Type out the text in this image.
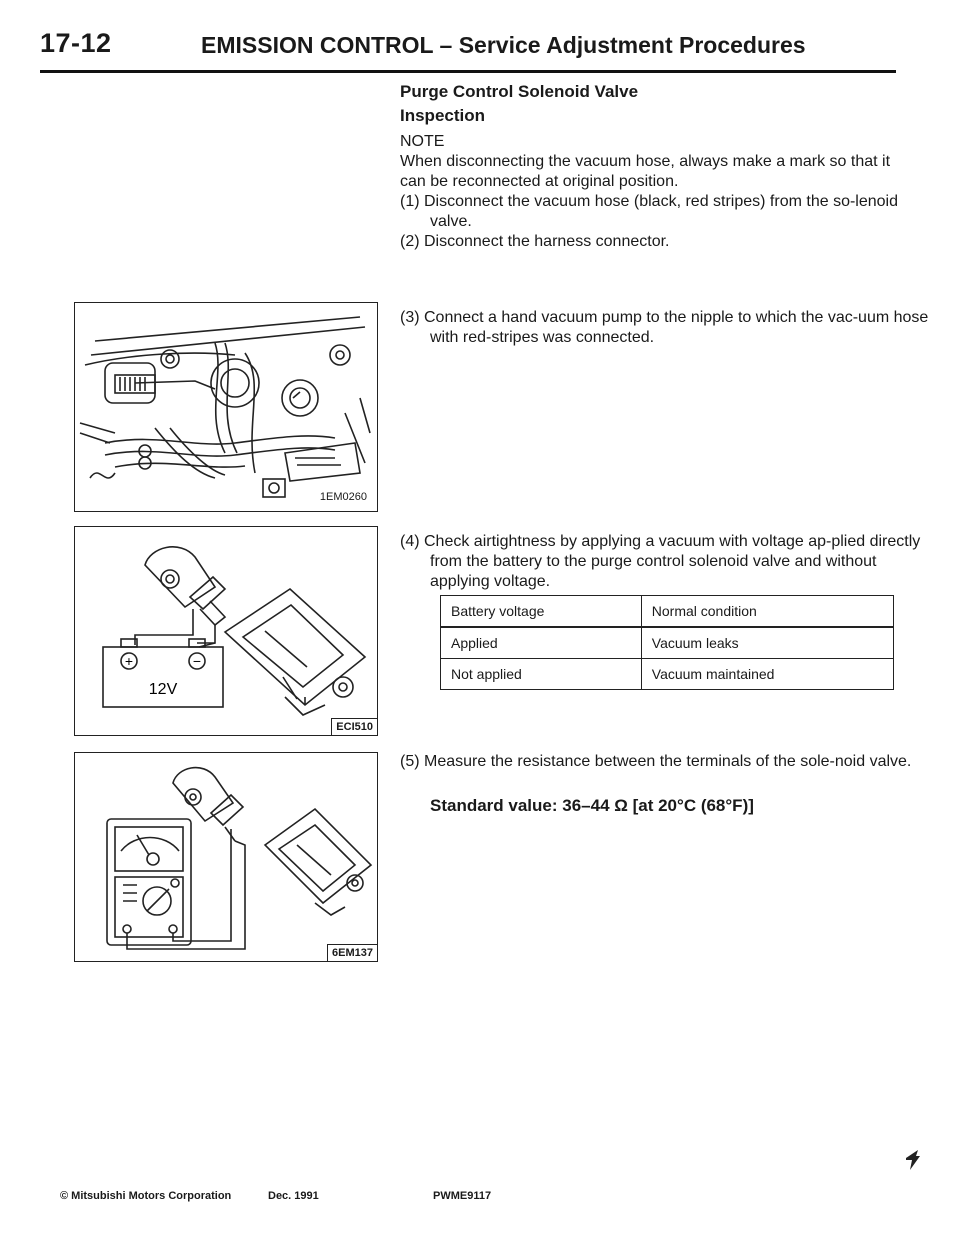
17-12	EMISSION CONTROL – Service Adjustment Procedures
Purge Control Solenoid Valve
Inspection
NOTE
When disconnecting the vacuum hose, always make a mark so that it can be reconnected at original position.
(1) Disconnect the vacuum hose (black, red stripes) from the so-lenoid valve.
(2) Disconnect the harness connector.
(3) Connect a hand vacuum pump to the nipple to which the vac-uum hose with red-stripes was connected.
(4) Check airtightness by applying a vacuum with voltage ap-plied directly from the battery to the purge control solenoid valve and without applying voltage.
Battery voltage	Normal condition
Applied	Vacuum leaks
Not applied	Vacuum maintained
(5) Measure the resistance between the terminals of the sole-noid valve.
Standard value: 36–44 Ω [at 20°C (68°F)]
1EM0260
+	−
12V
ECI510
6EM137
© Mitsubishi Motors Corporation	Dec. 1991	PWME9117
